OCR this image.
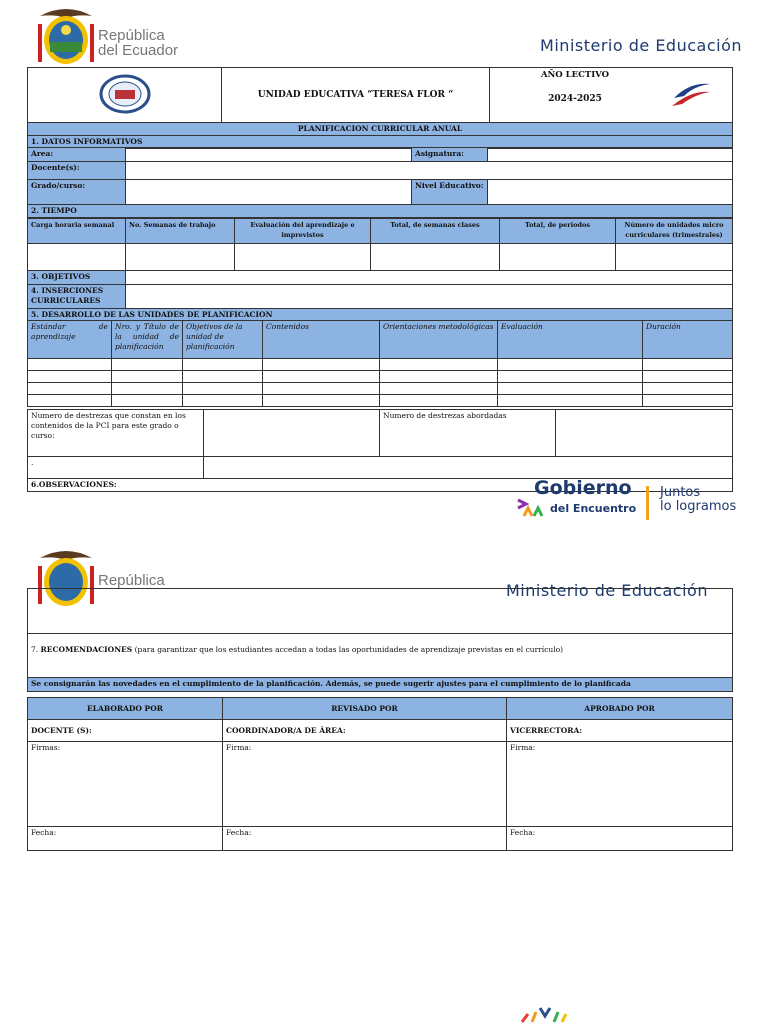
República
del Ecuador	Ministerio de Educación
	UNIDAD EDUCATIVA “TERESA FLOR “	
AÑO LECTIVO
2024-2025
PLANIFICACION CURRICULAR ANUAL
1. DATOS INFORMATIVOS
Area:		Asignatura:	
Docente(s):			
Grado/curso:		Nivel Educativo:	
2. TIEMPO			
Carga horaria semanal	No. Semanas de trabajo	Evaluación del aprendizaje e imprevistos	Total, de semanas clases	Total, de periodos	Número de unidades micro curriculares (trimestrales)

3. OBJETIVOS	
4. INSERCIONES CURRICULARES	
5. DESARROLLO DE LAS UNIDADES DE PLANIFICACION	
Estándar de aprendizaje	Nro. y Título de la unidad de planificación	Objetivos de la unidad de planificación	Contenidos	Orientaciones metodológicas	Evaluación	Duración

Numero de destrezas que constan en los contenidos de la PCI para este grado o curso:		Numero de destrezas abordadas	
.			
6.OBSERVACIONES:				Gobierno
del Encuentro
Juntos
lo logramos
República
Ministerio de Educación

7. RECOMENDACIONES (para garantizar que los estudiantes accedan a todas las oportunidades de aprendizaje previstas en el currículo)
Se consignarán las novedades en el cumplimiento de la planificación. Además, se puede sugerir ajustes para el cumplimiento de lo planificada
ELABORADO POR	REVISADO POR	APROBADO POR
DOCENTE (S):	COORDINADOR/A DE ÁREA:	VICERRECTORA:
Firmas:	Firma:	Firma:
Fecha:	Fecha:	Fecha:
